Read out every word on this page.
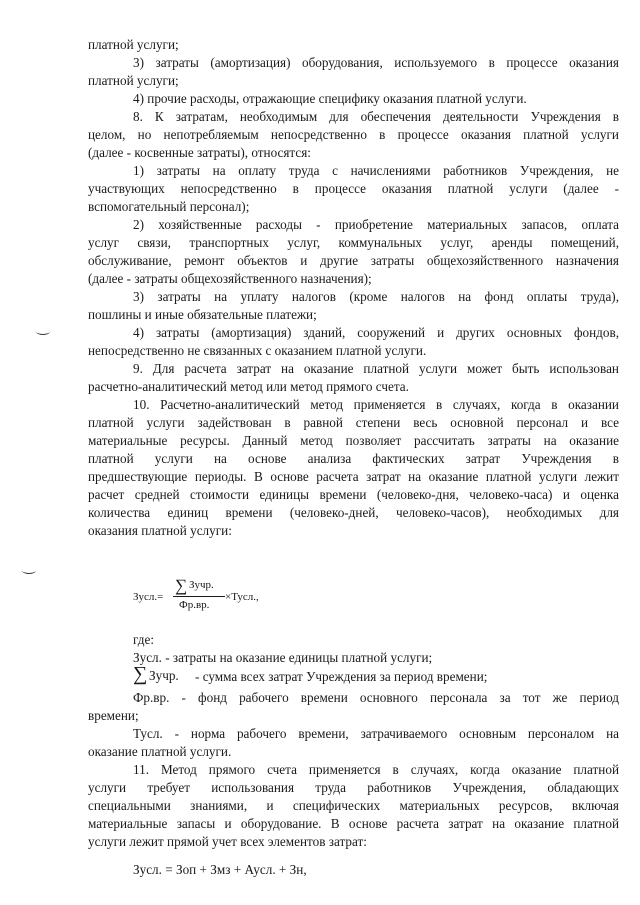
платной услуги;
3) затраты (амортизация) оборудования, используемого в процессе оказания
платной услуги;
4) прочие расходы, отражающие специфику оказания платной услуги.
8. К затратам, необходимым для обеспечения деятельности Учреждения в
целом, но непотребляемым непосредственно в процессе оказания платной услуги
(далее - косвенные затраты), относятся:
1) затраты на оплату труда с начислениями работников Учреждения, не
участвующих непосредственно в процессе оказания платной услуги (далее -
вспомогательный персонал);
2) хозяйственные расходы - приобретение материальных запасов, оплата
услуг связи, транспортных услуг, коммунальных услуг, аренды помещений,
обслуживание, ремонт объектов и другие затраты общехозяйственного назначения
(далее - затраты общехозяйственного назначения);
3) затраты на уплату налогов (кроме налогов на фонд оплаты труда),
пошлины и иные обязательные платежи;
4) затраты (амортизация) зданий, сооружений и других основных фондов,
непосредственно не связанных с оказанием платной услуги.
9. Для расчета затрат на оказание платной услуги может быть использован
расчетно-аналитический метод или метод прямого счета.
10. Расчетно-аналитический метод применяется в случаях, когда в оказании
платной услуги задействован в равной степени весь основной персонал и все
материальные ресурсы. Данный метод позволяет рассчитать затраты на оказание
платной услуги на основе анализа фактических затрат Учреждения в
предшествующие периоды. В основе расчета затрат на оказание платной услуги лежит
расчет средней стоимости единицы времени (человеко-дня, человеко-часа) и оценка
количества единиц времени (человеко-дней, человеко-часов), необходимых для
оказания платной услуги:
Зусл.=
∑ Зучр.
Фр.вр.
×Тусл.,
где:
Зусл. - затраты на оказание единицы платной услуги;
∑ Зучр. - сумма всех затрат Учреждения за период времени;
Фр.вр. - фонд рабочего времени основного персонала за тот же период
времени;
Тусл. - норма рабочего времени, затрачиваемого основным персоналом на
оказание платной услуги.
11. Метод прямого счета применяется в случаях, когда оказание платной
услуги требует использования труда работников Учреждения, обладающих
специальными знаниями, и специфических материальных ресурсов, включая
материальные запасы и оборудование. В основе расчета затрат на оказание платной
услуги лежит прямой учет всех элементов затрат:
Зусл. = Зоп + Змз + Аусл. + Зн,
